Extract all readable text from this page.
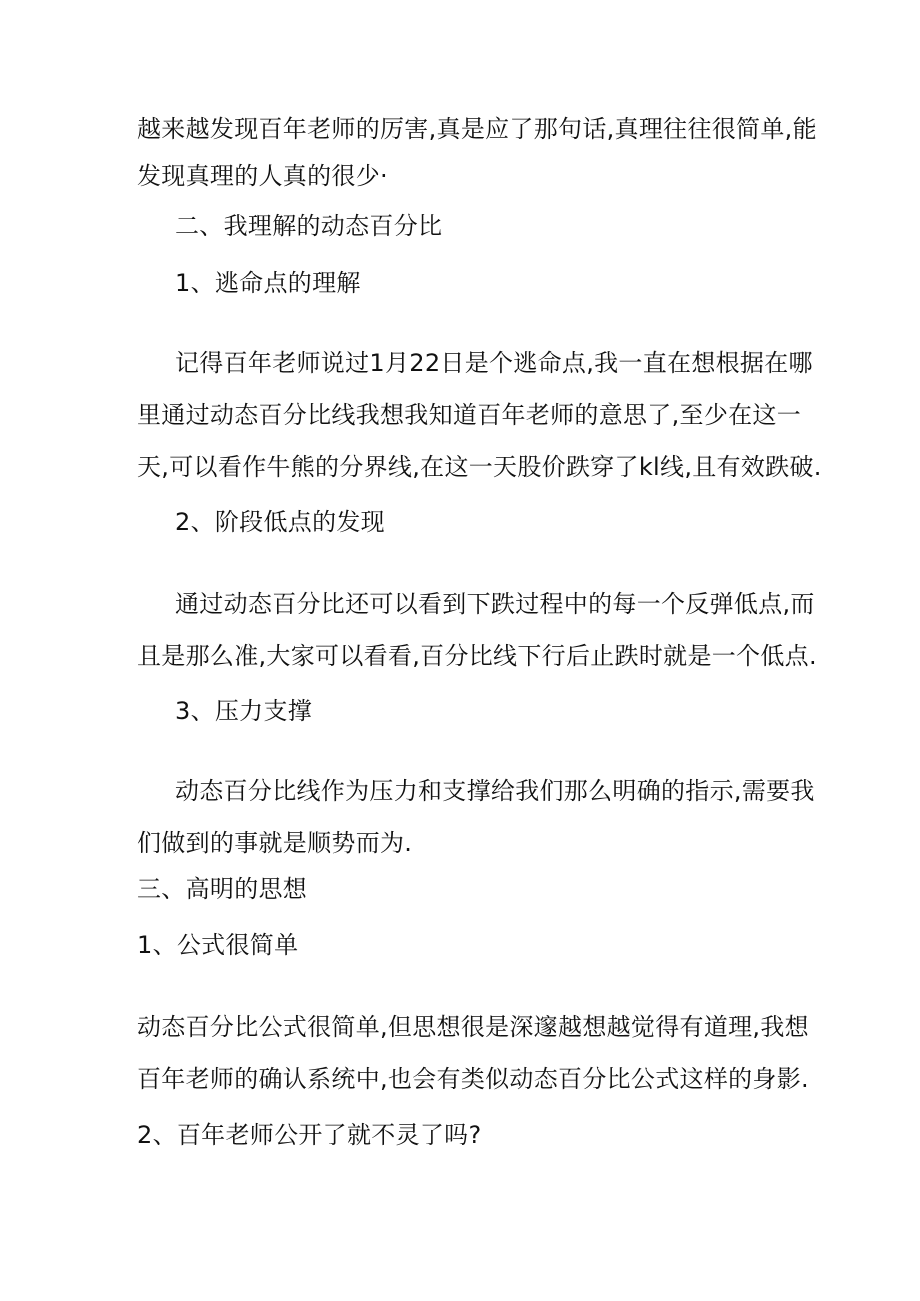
越来越发现百年老师的厉害,真是应了那句话,真理往往很简单,能
发现真理的人真的很少·
二、我理解的动态百分比
1、逃命点的理解
记得百年老师说过1月22日是个逃命点,我一直在想根据在哪
里通过动态百分比线我想我知道百年老师的意思了,至少在这一
天,可以看作牛熊的分界线,在这一天股价跌穿了kl线,且有效跌破.
2、阶段低点的发现
通过动态百分比还可以看到下跌过程中的每一个反弹低点,而
且是那么准,大家可以看看,百分比线下行后止跌时就是一个低点.
3、压力支撑
动态百分比线作为压力和支撑给我们那么明确的指示,需要我
们做到的事就是顺势而为.
三、高明的思想
1、公式很简单
动态百分比公式很简单,但思想很是深邃越想越觉得有道理,我想
百年老师的确认系统中,也会有类似动态百分比公式这样的身影.
2、百年老师公开了就不灵了吗?
